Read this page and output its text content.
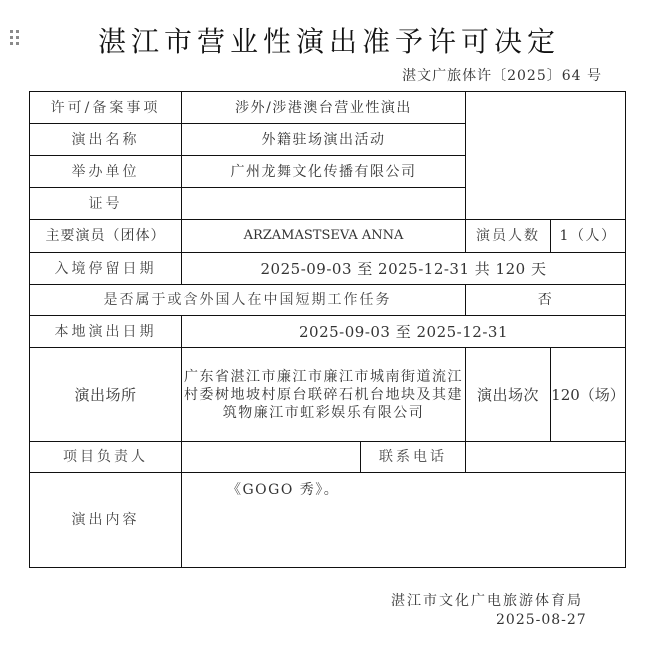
湛江市营业性演出准予许可决定
湛文广旅体许〔2025〕64 号
许可/备案事项	涉外/涉港澳台营业性演出			
演出名称	外籍驻场演出活动			
举办单位	广州龙舞文化传播有限公司			
证号				
主要演员（团体）	ARZAMASTSEVA ANNA		演员人数	1（人）
入境停留日期	2025-09-03 至 2025-12-31 共 120 天			
是否属于或含外国人在中国短期工作任务			否	
本地演出日期	2025-09-03 至 2025-12-31			
演出场所	广东省湛江市廉江市廉江市城南街道流江村委树地坡村原台联碎石机台地块及其建筑物廉江市虹彩娱乐有限公司		演出场次	120（场）
项目负责人		联系电话		
演出内容	《GOGO 秀》。			
湛江市文化广电旅游体育局
2025-08-27
